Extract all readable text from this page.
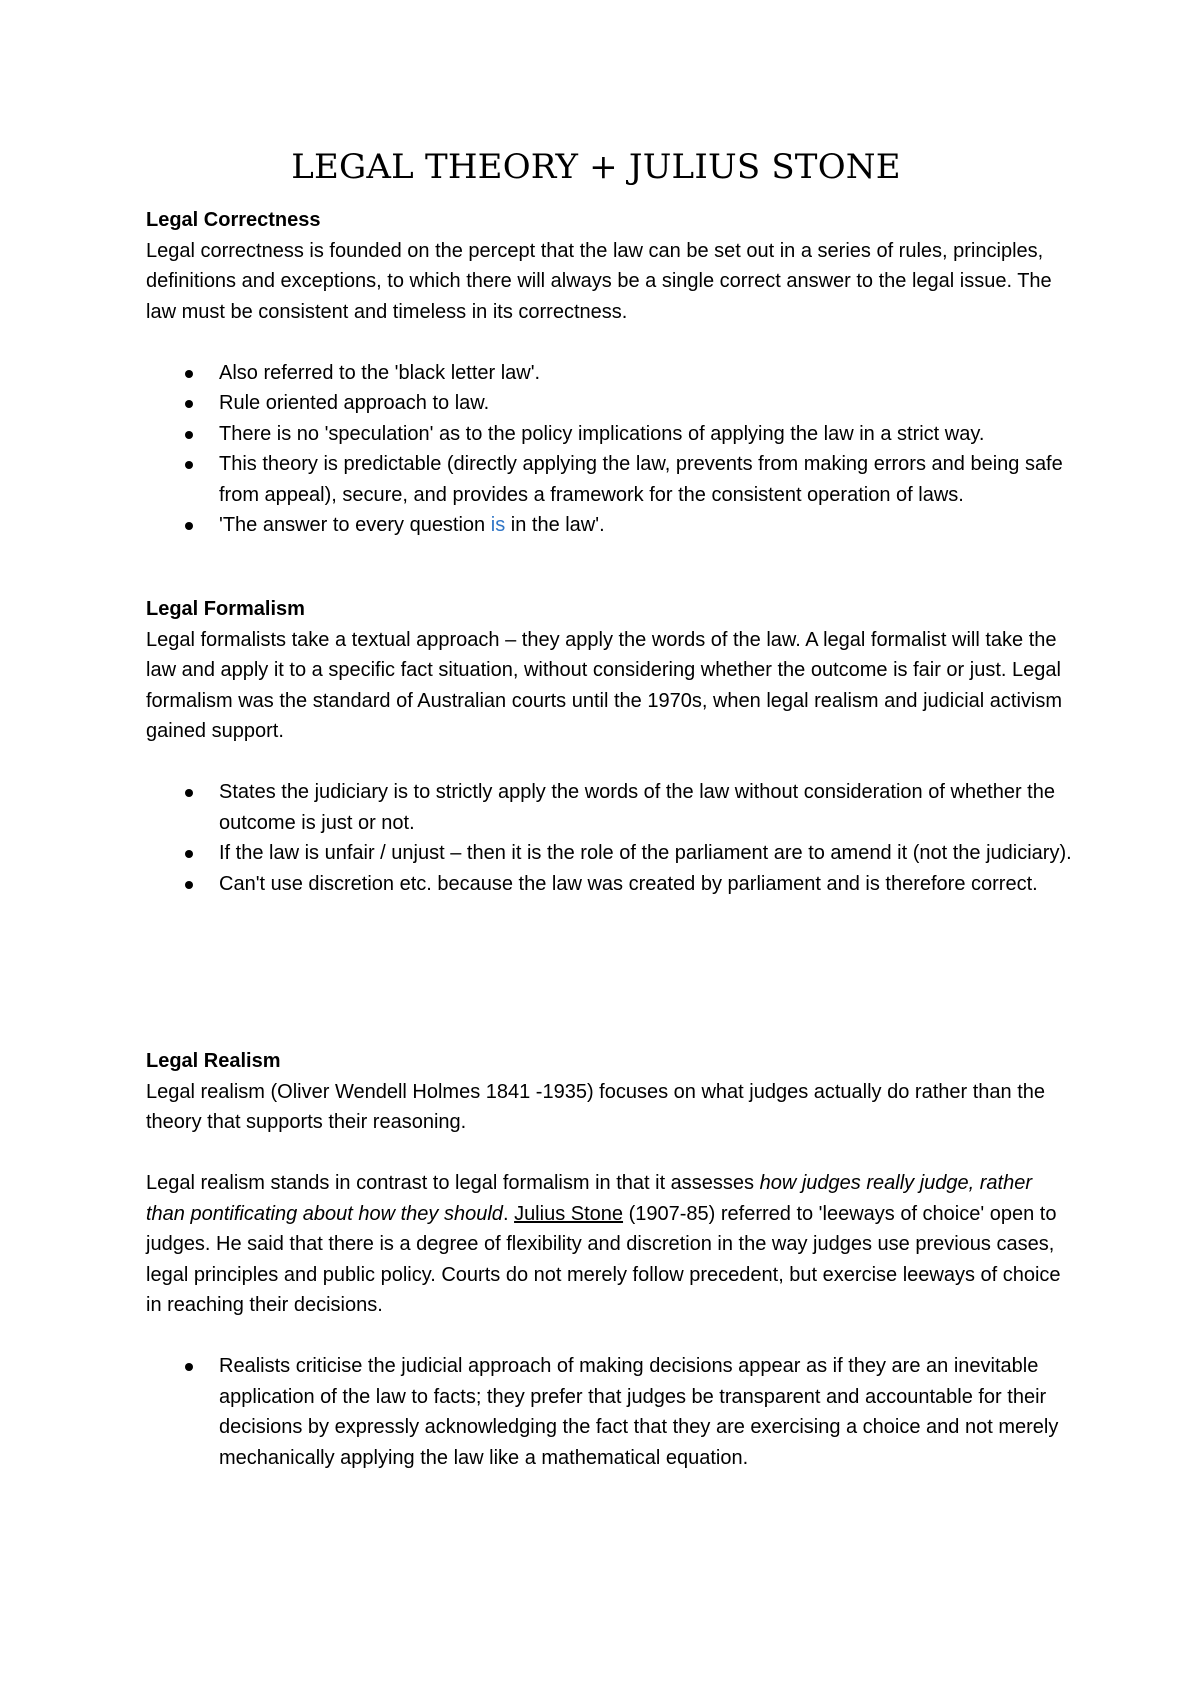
LEGAL THEORY + JULIUS STONE

Legal Correctness

Legal correctness is founded on the percept that the law can be set out in a series of rules, principles, definitions and exceptions, to which there will always be a single correct answer to the legal issue. The law must be consistent and timeless in its correctness.

Also referred to the 'black letter law'.
Rule oriented approach to law.
There is no 'speculation' as to the policy implications of applying the law in a strict way.
This theory is predictable (directly applying the law, prevents from making errors and being safe from appeal), secure, and provides a framework for the consistent operation of laws.
'The answer to every question is in the law'.

Legal Formalism

Legal formalists take a textual approach – they apply the words of the law. A legal formalist will take the law and apply it to a specific fact situation, without considering whether the outcome is fair or just. Legal formalism was the standard of Australian courts until the 1970s, when legal realism and judicial activism gained support.

States the judiciary is to strictly apply the words of the law without consideration of whether the outcome is just or not.
If the law is unfair / unjust – then it is the role of the parliament are to amend it (not the judiciary).
Can't use discretion etc. because the law was created by parliament and is therefore correct.

Legal Realism

Legal realism (Oliver Wendell Holmes 1841 -1935) focuses on what judges actually do rather than the theory that supports their reasoning.

Legal realism stands in contrast to legal formalism in that it assesses how judges really judge, rather than pontificating about how they should. Julius Stone (1907-85) referred to 'leeways of choice' open to judges. He said that there is a degree of flexibility and discretion in the way judges use previous cases, legal principles and public policy. Courts do not merely follow precedent, but exercise leeways of choice in reaching their decisions.

Realists criticise the judicial approach of making decisions appear as if they are an inevitable application of the law to facts; they prefer that judges be transparent and accountable for their decisions by expressly acknowledging the fact that they are exercising a choice and not merely mechanically applying the law like a mathematical equation.
